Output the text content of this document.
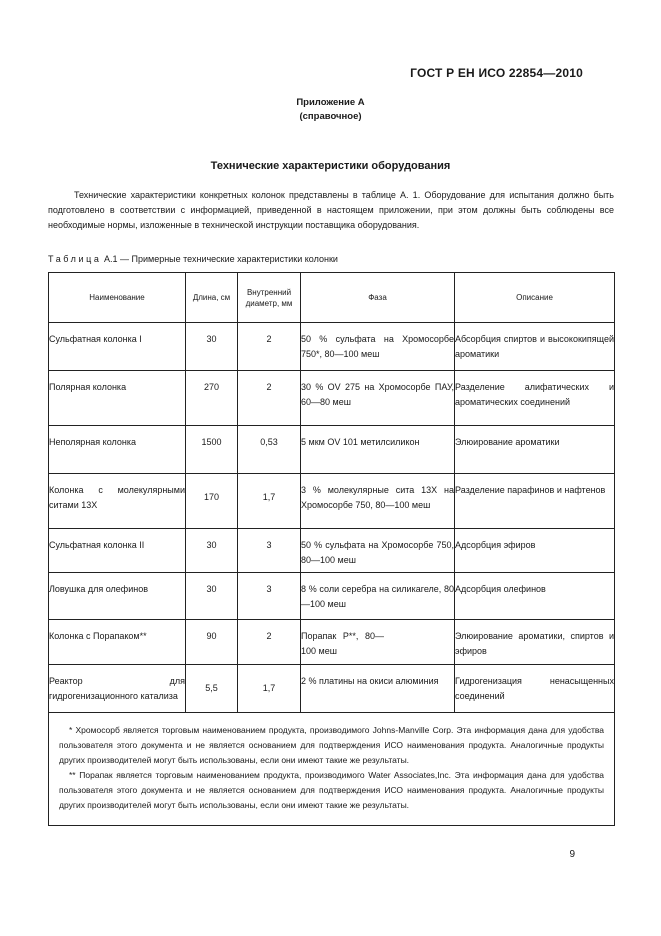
ГОСТ Р ЕН ИСО 22854—2010
Приложение А
(справочное)
Технические характеристики оборудования

Технические характеристики конкретных колонок представлены в таблице А. 1. Оборудование для испытания должно быть подготовлено в соответствии с информацией, приведенной в настоящем приложении, при этом должны быть соблюдены все необходимые нормы, изложенные в технической инструкции поставщика оборудования.

Таблица А.1 — Примерные технические характеристики колонки
Наименование	Длина, см	Внутренний диаметр, мм	Фаза	Описание
Сульфатная колонка I	30	2	50 % сульфата на Хромосорбе 750*, 80—100 меш	Абсорбция спиртов и высококипящей ароматики
Полярная колонка	270	2	30 % OV 275 на Хромосорбе ПАУ, 60—80 меш	Разделение алифатических и ароматических соединений
Неполярная колонка	1500	0,53	5 мкм OV 101 метилсиликон	Элюирование ароматики
Колонка с молекулярными ситами 13X	170	1,7	3 % молекулярные сита 13X на Хромосорбе 750, 80—100 меш	Разделение парафинов и нафтенов
Сульфатная колонка II	30	3	50 % сульфата на Хромосорбе 750, 80—100 меш	Адсорбция эфиров
Ловушка для олефинов	30	3	8 % соли серебра на силикагеле, 80—100 меш	Адсорбция олефинов
Колонка с Порапаком**	90	2	Порапак P**, 80—100 меш	Элюирование ароматики, спиртов и эфиров
Реактор для гидрогенизационного катализа	5,5	1,7	2 % платины на окиси алюминия	Гидрогенизация ненасыщенных соединений

* Хромосорб является торговым наименованием продукта, производимого Johns-Manville Corp. Эта информация дана для удобства пользователя этого документа и не является основанием для подтверждения ИСО наименования продукта. Аналогичные продукты других производителей могут быть использованы, если они имеют такие же результаты.

** Порапак является торговым наименованием продукта, производимого Water Associates,Inc. Эта информация дана для удобства пользователя этого документа и не является основанием для подтверждения ИСО наименования продукта. Аналогичные продукты других производителей могут быть использованы, если они имеют такие же результаты.				

9
